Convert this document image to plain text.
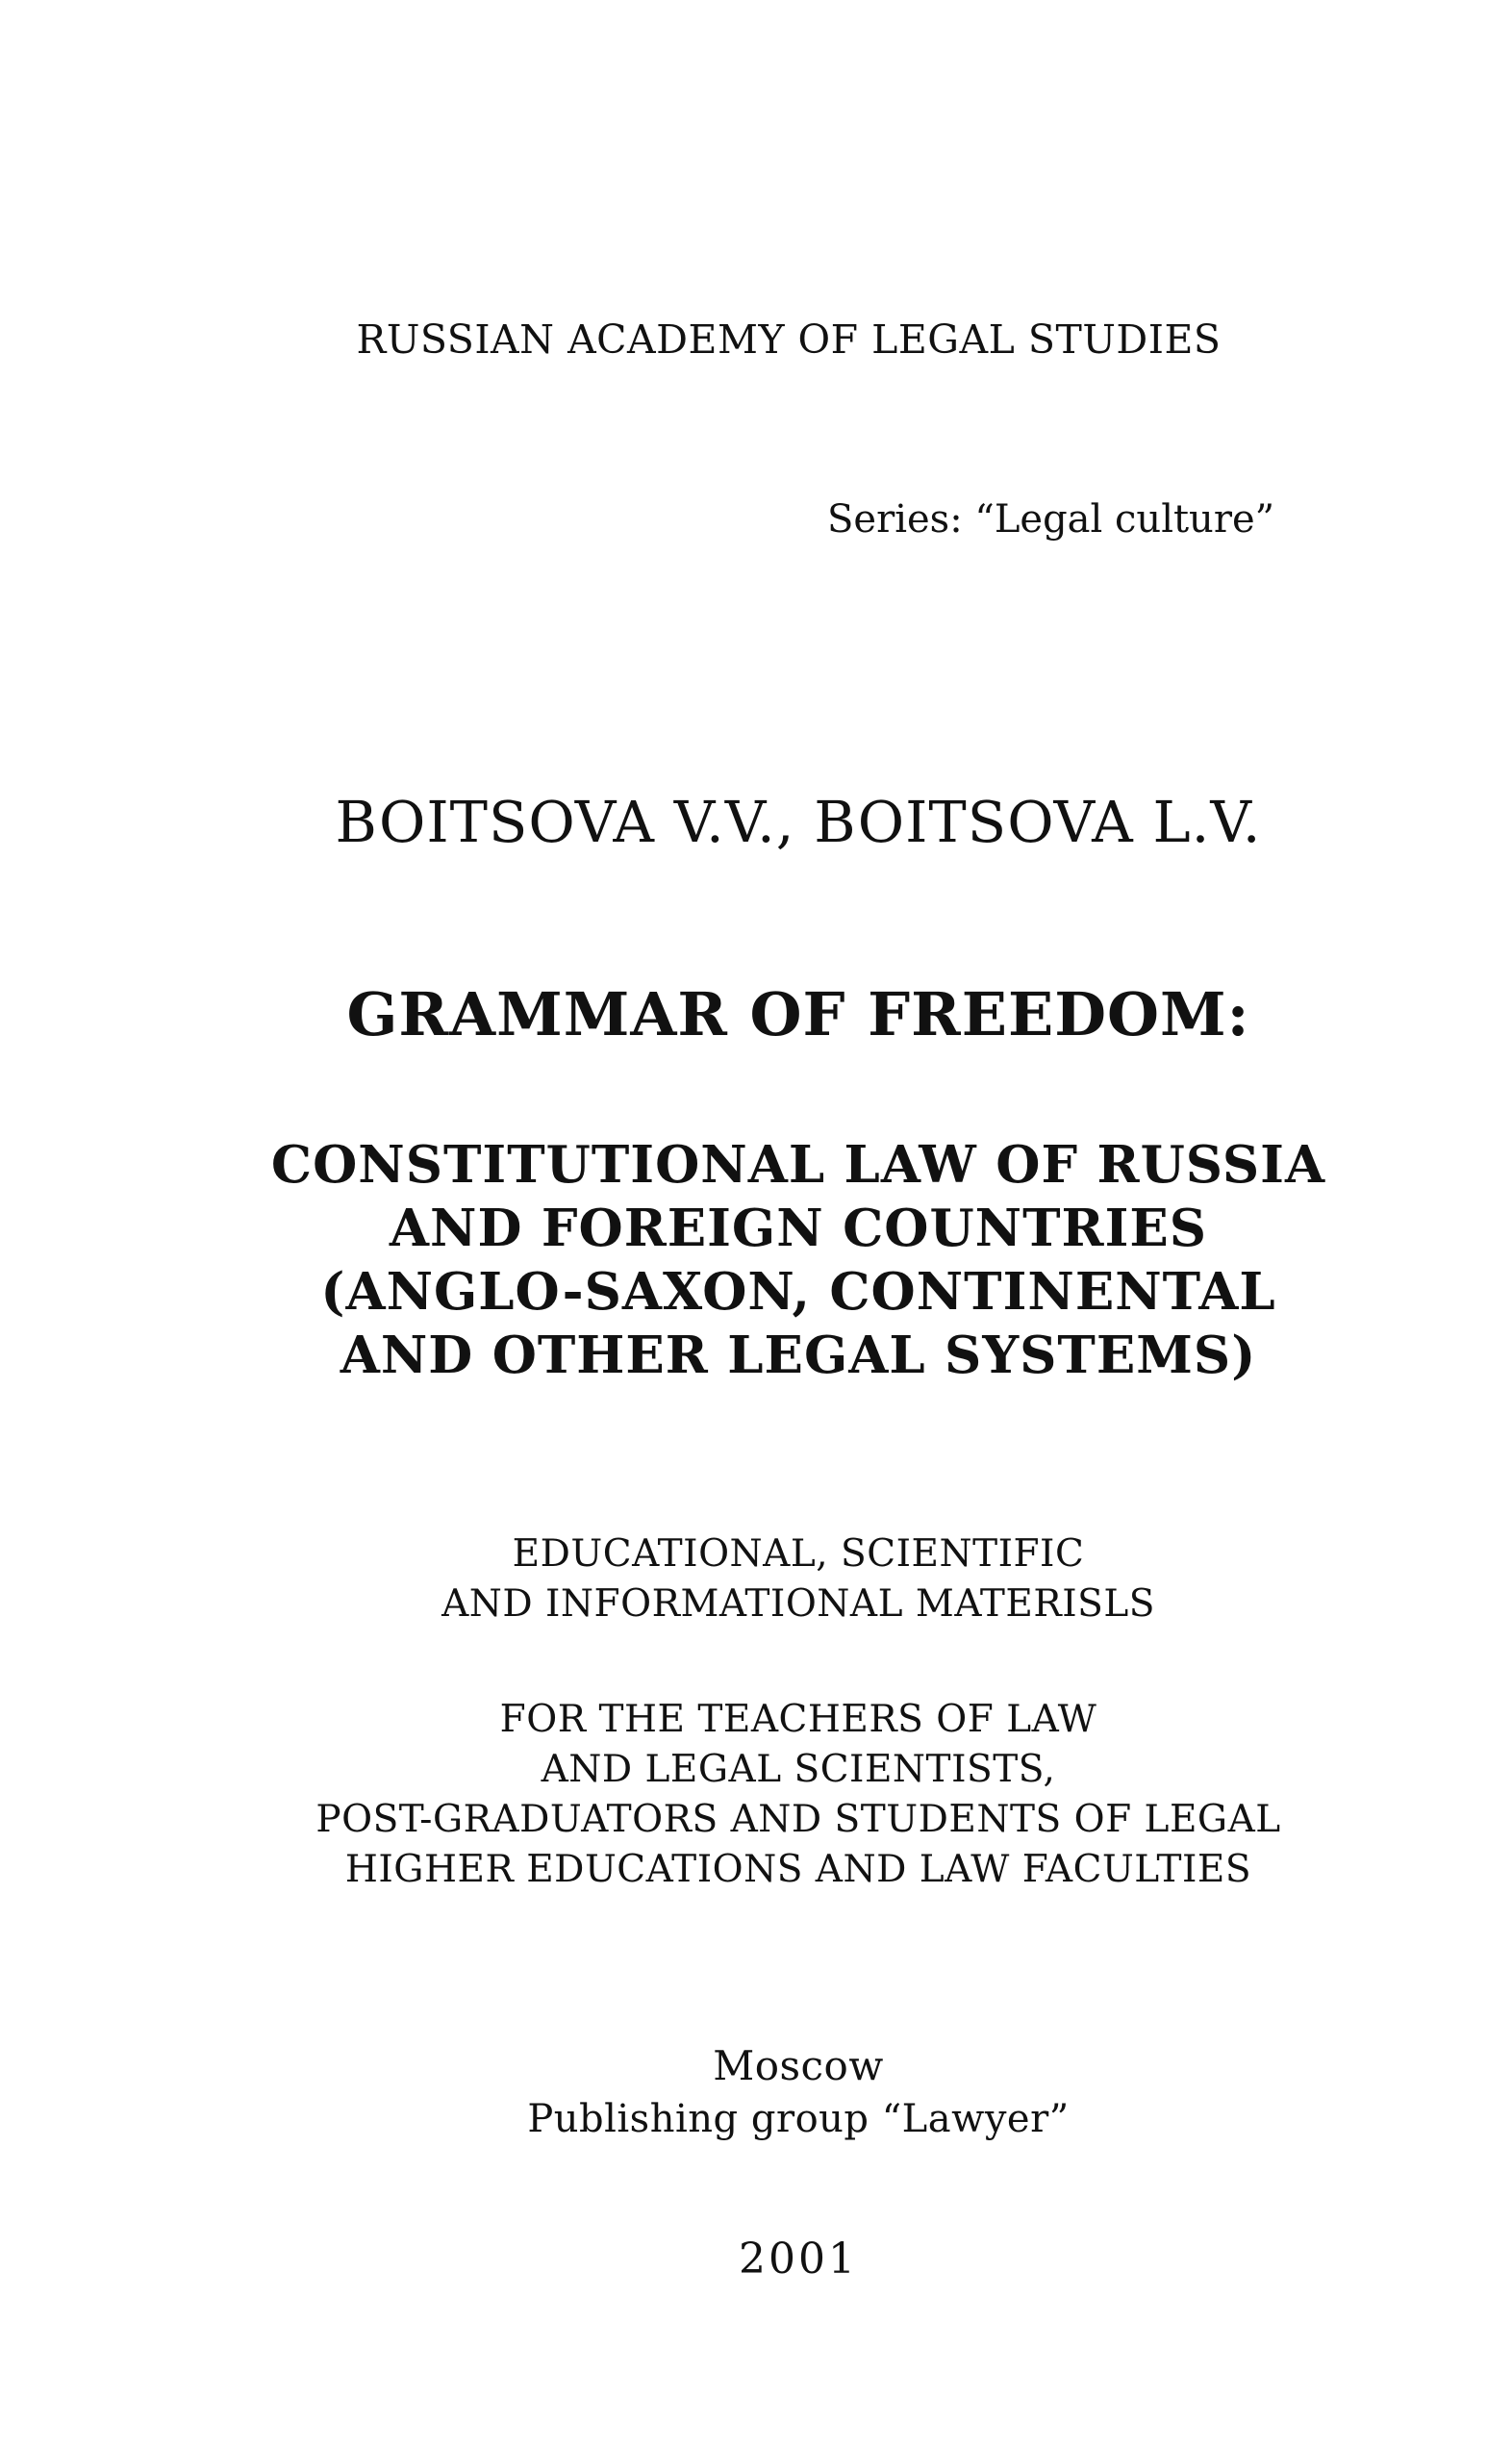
RUSSIAN ACADEMY OF LEGAL STUDIES
Series: “Legal culture”
BOITSOVA V.V., BOITSOVA L.V.
GRAMMAR OF FREEDOM:
CONSTITUTIONAL LAW OF RUSSIA
AND FOREIGN COUNTRIES
(ANGLO-SAXON, CONTINENTAL
AND OTHER LEGAL SYSTEMS)
EDUCATIONAL, SCIENTIFIC
AND INFORMATIONAL MATERISLS
FOR THE TEACHERS OF LAW
AND LEGAL SCIENTISTS,
POST-GRADUATORS AND STUDENTS OF LEGAL
HIGHER EDUCATIONS AND LAW FACULTIES
Moscow
Publishing group “Lawyer”
2001
